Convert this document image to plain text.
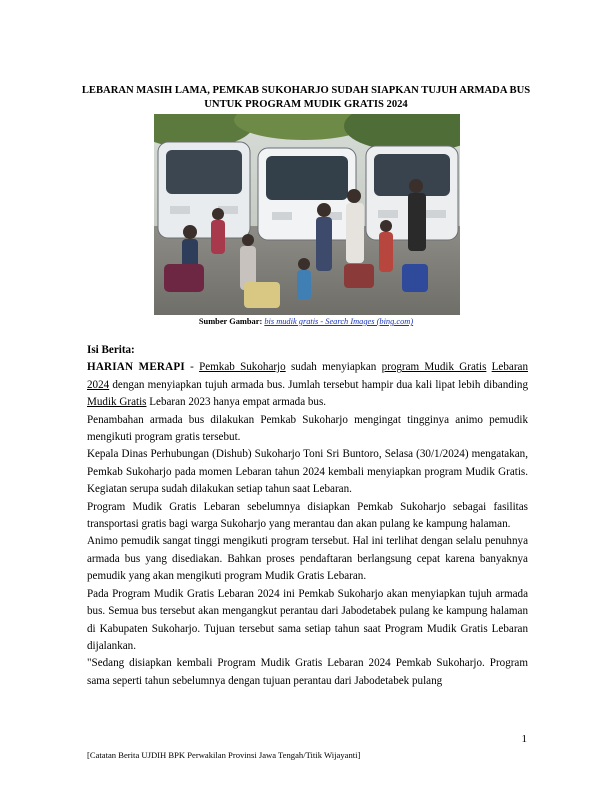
LEBARAN MASIH LAMA, PEMKAB SUKOHARJO SUDAH SIAPKAN TUJUH ARMADA BUS UNTUK PROGRAM MUDIK GRATIS 2024
Sumber Gambar: bis mudik gratis - Search Images (bing.com)

Isi Berita:

HARIAN MERAPI - Pemkab Sukoharjo sudah menyiapkan program Mudik Gratis Lebaran 2024 dengan menyiapkan tujuh armada bus. Jumlah tersebut hampir dua kali lipat lebih dibanding Mudik Gratis Lebaran 2023 hanya empat armada bus.

Penambahan armada bus dilakukan Pemkab Sukoharjo mengingat tingginya animo pemudik mengikuti program gratis tersebut.

Kepala Dinas Perhubungan (Dishub) Sukoharjo Toni Sri Buntoro, Selasa (30/1/2024) mengatakan, Pemkab Sukoharjo pada momen Lebaran tahun 2024 kembali menyiapkan program Mudik Gratis. Kegiatan serupa sudah dilakukan setiap tahun saat Lebaran.

Program Mudik Gratis Lebaran sebelumnya disiapkan Pemkab Sukoharjo sebagai fasilitas transportasi gratis bagi warga Sukoharjo yang merantau dan akan pulang ke kampung halaman.

Animo pemudik sangat tinggi mengikuti program tersebut. Hal ini terlihat dengan selalu penuhnya armada bus yang disediakan. Bahkan proses pendaftaran berlangsung cepat karena banyaknya pemudik yang akan mengikuti program Mudik Gratis Lebaran.

Pada Program Mudik Gratis Lebaran 2024 ini Pemkab Sukoharjo akan menyiapkan tujuh armada bus. Semua bus tersebut akan mengangkut perantau dari Jabodetabek pulang ke kampung halaman di Kabupaten Sukoharjo. Tujuan tersebut sama setiap tahun saat Program Mudik Gratis Lebaran dijalankan.

"Sedang disiapkan kembali Program Mudik Gratis Lebaran 2024 Pemkab Sukoharjo. Program sama seperti tahun sebelumnya dengan tujuan perantau dari Jabodetabek pulang

1
[Catatan Berita UJDIH BPK Perwakilan Provinsi Jawa Tengah/Titik Wijayanti]
